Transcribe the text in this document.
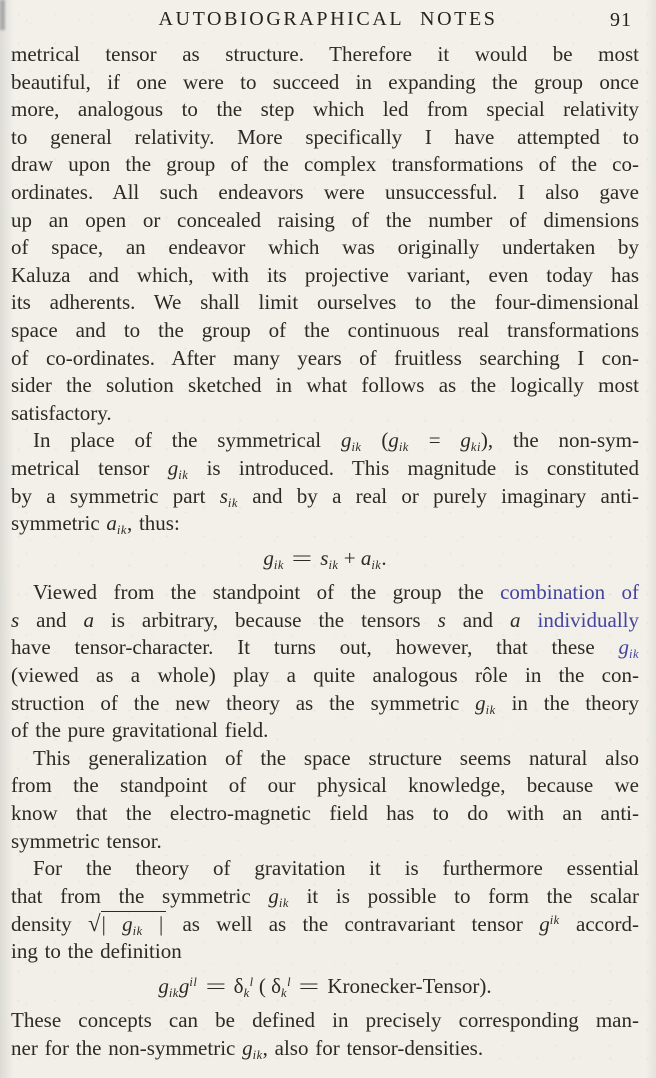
AUTOBIOGRAPHICAL NOTES	91
metrical tensor as structure. Therefore it would be most
beautiful, if one were to succeed in expanding the group once
more, analogous to the step which led from special relativity
to general relativity. More specifically I have attempted to
draw upon the group of the complex transformations of the co-
ordinates. All such endeavors were unsuccessful. I also gave
up an open or concealed raising of the number of dimensions
of space, an endeavor which was originally undertaken by
Kaluza and which, with its projective variant, even today has
its adherents. We shall limit ourselves to the four-dimensional
space and to the group of the continuous real transformations
of co-ordinates. After many years of fruitless searching I con-
sider the solution sketched in what follows as the logically most
satisfactory.
In place of the symmetrical $g_{ik}$ $(g_{ik} = g_{ki})$, the non-sym-
metrical tensor $g_{ik}$ is introduced. This magnitude is constituted
by a symmetric part $s_{ik}$ and by a real or purely imaginary anti-
symmetric $a_{ik}$, thus:
$g_{ik} = s_{ik} + a_{ik}$.
Viewed from the standpoint of the group the combination of
s and a is arbitrary, because the tensors s and a individually
have tensor-character. It turns out, however, that these $g_{ik}$
(viewed as a whole) play a quite analogous rôle in the con-
struction of the new theory as the symmetric $g_{ik}$ in the theory
of the pure gravitational field.
This generalization of the space structure seems natural also
from the standpoint of our physical knowledge, because we
know that the electro-magnetic field has to do with an anti-
symmetric tensor.
For the theory of gravitation it is furthermore essential
that from the symmetric $g_{ik}$ it is possible to form the scalar
density √| $g_{ik}$ | as well as the contravariant tensor $g^{ik}$ accord-
ing to the definition
$g_{ik}g^{il} = \delta_k^l$ ( $\delta_k^l$ = Kronecker-Tensor).
These concepts can be defined in precisely corresponding man-
ner for the non-symmetric $g_{ik}$, also for tensor-densities.
